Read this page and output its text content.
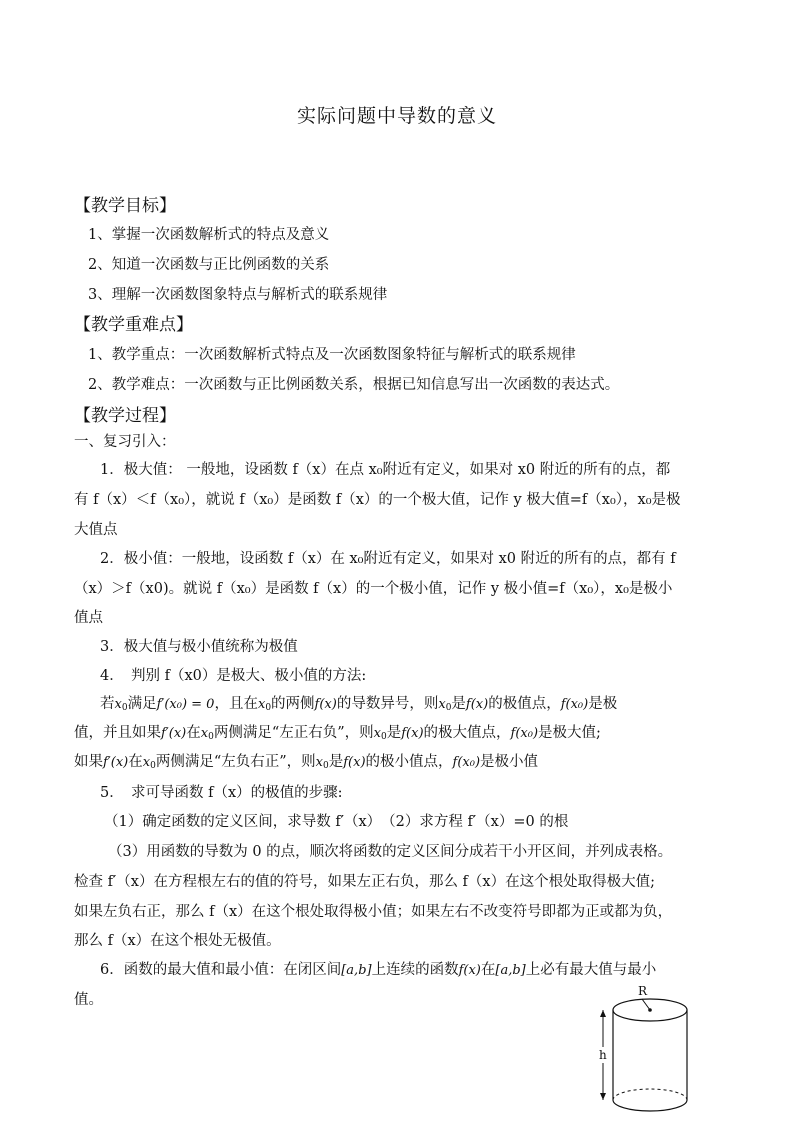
实际问题中导数的意义
【教学目标】
1、掌握一次函数解析式的特点及意义
2、知道一次函数与正比例函数的关系
3、理解一次函数图象特点与解析式的联系规律
【教学重难点】
1、教学重点：一次函数解析式特点及一次函数图象特征与解析式的联系规律
2、教学难点：一次函数与正比例函数关系，根据已知信息写出一次函数的表达式。
【教学过程】
一、复习引入：
1．极大值： 一般地，设函数 f（x）在点 x₀附近有定义，如果对 x0 附近的所有的点，都
有 f（x）＜f（x₀），就说 f（x₀）是函数 f（x）的一个极大值，记作 y 极大值=f（x₀），x₀是极
大值点
2．极小值：一般地，设函数 f（x）在 x₀附近有定义，如果对 x0 附近的所有的点，都有 f
（x）＞f（x0)。就说 f（x₀）是函数 f（x）的一个极小值，记作 y 极小值=f（x₀），x₀是极小
值点
3．极大值与极小值统称为极值
4．　判别 f（x0）是极大、极小值的方法:
若$x_0$满足f′(x₀) = 0，且在$x_0$的两侧f(x)的导数异号，则$x_0$是f(x)的极值点，f(x₀)是极
值，并且如果f′(x)在$x_0$两侧满足“左正右负”，则$x_0$是f(x)的极大值点，f(x₀)是极大值;
如果f′(x)在$x_0$两侧满足“左负右正”，则$x_0$是f(x)的极小值点，f(x₀)是极小值
5．　求可导函数 f（x）的极值的步骤:
（1）确定函数的定义区间，求导数 f′（x）　（2）求方程 f′（x）=0 的根
（3）用函数的导数为 0 的点，顺次将函数的定义区间分成若干小开区间，并列成表格。
检查 f′（x）在方程根左右的值的符号，如果左正右负，那么 f（x）在这个根处取得极大值;
如果左负右正，那么 f（x）在这个根处取得极小值；如果左右不改变符号即都为正或都为负，
那么 f（x）在这个根处无极值。
6．函数的最大值和最小值：在闭区间[a,b]上连续的函数f(x)在[a,b]上必有最大值与最小
值。
R
h
